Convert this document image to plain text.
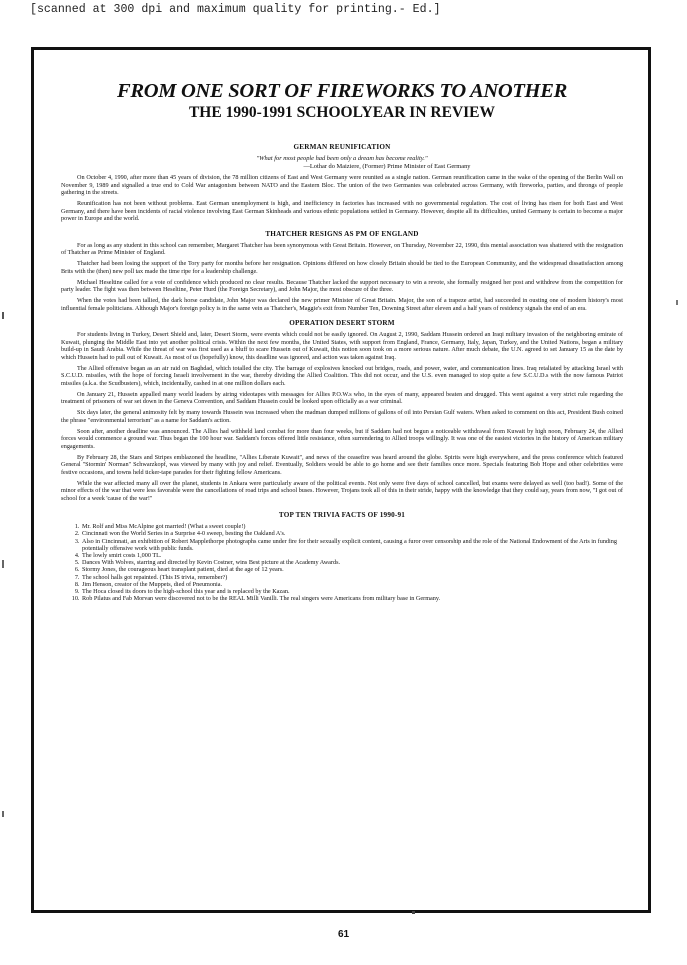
[scanned at 300 dpi and maximum quality for printing.- Ed.]
FROM ONE SORT OF FIREWORKS TO ANOTHER
THE 1990-1991 SCHOOLYEAR IN REVIEW
GERMAN REUNIFICATION
"What for most people had been only a dream has become reality."
—Lothar do Maiziere, (Former) Prime Minister of East Germany

On October 4, 1990, after more than 45 years of division, the 78 million citizens of East and West Germany were reunited as a single nation. German reunification came in the wake of the opening of the Berlin Wall on November 9, 1989 and signalled a true end to Cold War antagonism between NATO and the Eastern Bloc. The union of the two Germanies was celebrated across Germany, with fireworks, parties, and throngs of people gathering in the streets.

Reunification has not been without problems. East German unemployment is high, and inefficiency in factories has increased with no governmental regulation. The cost of living has risen for both East and West Germany, and there have been incidents of racial violence involving East German Skinheads and various ethnic populations settled in Germany. However, despite all its difficulties, united Germany is certain to become a major power in Europe and the world.

THATCHER RESIGNS AS PM OF ENGLAND

For as long as any student in this school can remember, Margaret Thatcher has been synonymous with Great Britain. However, on Thursday, November 22, 1990, this mental association was shattered with the resignation of Thatcher as Prime Minister of England.

Thatcher had been losing the support of the Tory party for months before her resignation. Opinions differed on how closely Britain should be tied to the European Community, and the widespread dissatisfaction among Brits with the (then) new poll tax made the time ripe for a leadership challenge.

Michael Heseltine called for a vote of confidence which produced no clear results. Because Thatcher lacked the support necessary to win a revote, she formally resigned her post and withdrew from the competition for party leader. The fight was then between Heseltine, Peter Hurd (the Foreign Secretary), and John Major, the most obscure of the three.

When the votes had been tallied, the dark horse candidate, John Major was declared the new primer Minister of Great Britain. Major, the son of a trapeze artist, had succeeded in ousting one of modern history's most influential female politicians. Although Major's foreign policy is in the same vein as Thatcher's, Maggie's exit from Number Ten, Downing Street after eleven and a half years of residency signals the end of an era.

OPERATION DESERT STORM

For students living in Turkey, Desert Shield and, later, Desert Storm, were events which could not be easily ignored. On August 2, 1990, Saddam Hussein ordered an Iraqi military invasion of the neighboring emirate of Kuwait, plunging the Middle East into yet another political crisis. Within the next few months, the United States, with support from England, France, Germany, Italy, Japan, Turkey, and the United Nations, began a military build-up in Saudi Arabia. While the threat of war was first used as a bluff to scare Hussein out of Kuwait, this notion soon took on a more serious nature. After much debate, the U.N. agreed to set January 15 as the date by which Hussein had to pull out of Kuwait. As most of us (hopefully) know, this deadline was ignored, and action was taken against Iraq.

The Allied offensive began as an air raid on Baghdad, which totalled the city. The barrage of explosives knocked out bridges, roads, and power, water, and communication lines. Iraq retaliated by attacking Israel with S.C.U.D. missiles, with the hope of forcing Israeli involvement in the war, thereby dividing the Allied Coalition. This did not occur, and the U.S. even managed to stop quite a few S.C.U.D.s with the now famous Patriot missiles (a.k.a. the Scudbusters), which, incidentally, cashed in at one million dollars each.

On January 21, Hussein appalled many world leaders by airing videotapes with messages for Allies P.O.W.s who, in the eyes of many, appeared beaten and drugged. This went against a very strict rule regarding the treatment of prisoners of war set down in the Geneva Convention, and Saddam Hussein could be looked upon officially as a war criminal.

Six days later, the general animosity felt by many towards Hussein was increased when the madman dumped millions of gallons of oil into Persian Gulf waters. When asked to comment on this act, President Bush coined the phrase "environmental terrorism" as a name for Saddam's action.

Soon after, another deadline was announced. The Allies had withheld land combat for more than four weeks, but if Saddam had not begun a noticeable withdrawal from Kuwait by high noon, February 24, the Allied forces would commence a ground war. Thus began the 100 hour war. Saddam's forces offered little resistance, often surrendering to Allied troops willingly. It was one of the easiest victories in the history of American military engagements.

By February 28, the Stars and Stripes emblazoned the headline, "Allies Liberate Kuwait", and news of the ceasefire was heard around the globe. Spirits were high everywhere, and the press conference which featured General "Stormin' Norman" Schwarzkopf, was viewed by many with joy and relief. Eventually, Soldiers would be able to go home and see their families once more. Specials featuring Bob Hope and other celebrities were festive occasions, and towns held ticker-tape parades for their fighting fellow Americans.

While the war affected many all over the planet, students in Ankara were particularly aware of the political events. Not only were five days of school cancelled, but exams were delayed as well (too bad!). Some of the minor effects of the war that were less favorable were the cancellations of road trips and school buses. However, Trojans took all of this in their stride, happy with the knowledge that they could say, years from now, "I got out of school for a week 'cause of the war!"

TOP TEN TRIVIA FACTS OF 1990-91
1. Mr. Rolf and Miss McAlpine got married! (What a sweet couple!)
2. Cincinnati won the World Series in a Surprise 4-0 sweep, besting the Oakland A's.
3. Also in Cincinnati, an exhibition of Robert Mapplethorpe photographs came under fire for their sexually explicit content, causing a furor over censorship and the role of the National Endowment of the Arts in funding potentially offensive work with public funds.
4. The lowly smirt costs 1,000 TL.
5. Dances With Wolves, starring and directed by Kevin Costner, wins Best picture at the Academy Awards.
6. Stormy Jones, the courageous heart transplant patient, died at the age of 12 years.
7. The school halls got repainted. (This IS trivia, remember?)
8. Jim Henson, creator of the Muppets, died of Pneumonia.
9. The Hoca closed its doors to the high-school this year and is replaced by the Kazan.
10. Rob Pilatus and Fab Morvan were discovered not to be the REAL Milli Vanilli. The real singers were Americans from military base in Germany.
61
